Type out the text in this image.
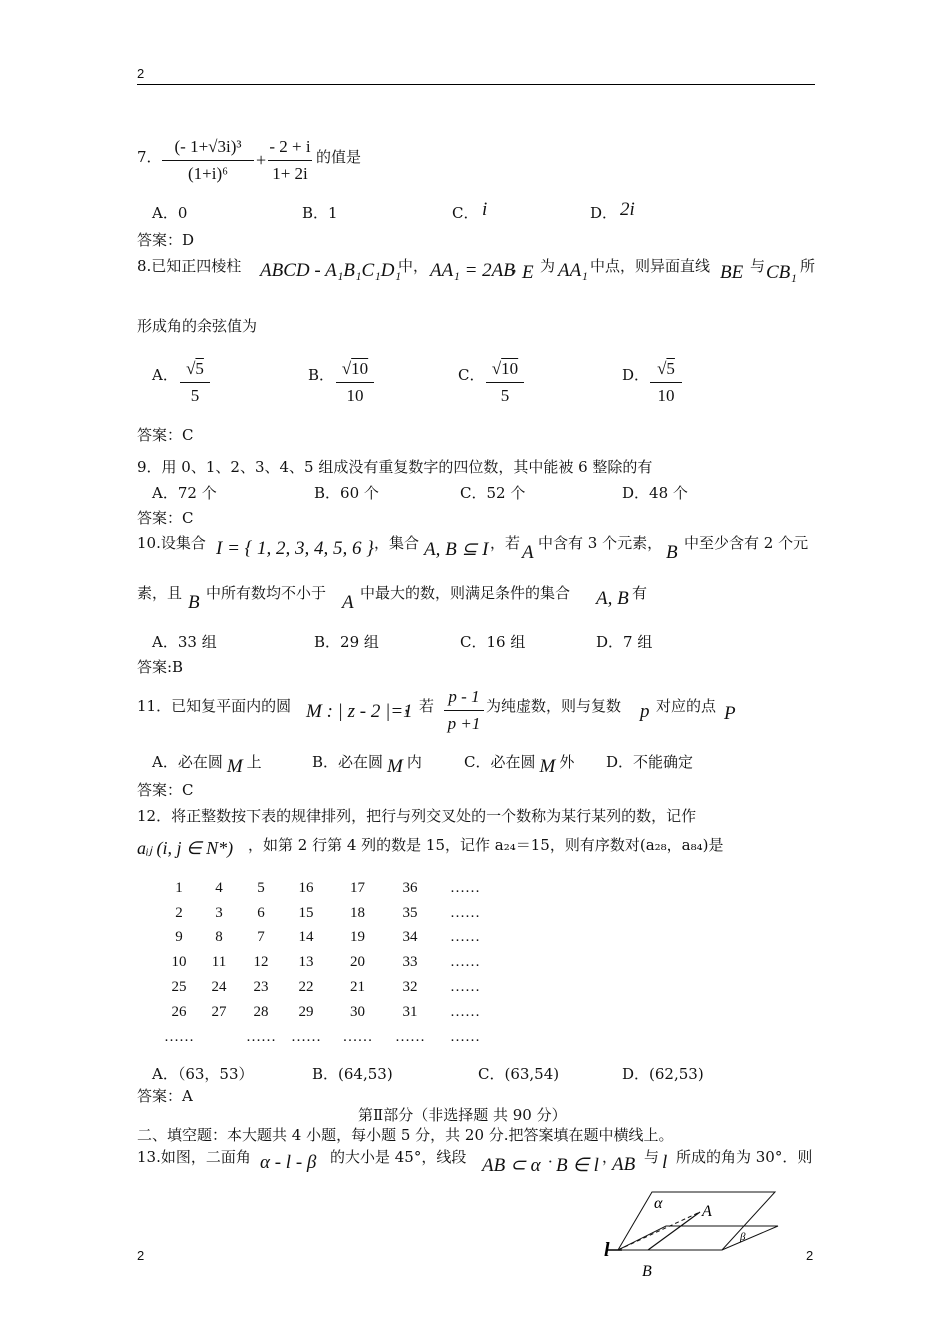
2
7．
(- 1+√3i)³
(1+i)⁶
+
- 2 + i
1+ 2i
的值是
A．0	B．1	C． i	D． 2i
答案：D
8.已知正四棱柱 ABCD - A₁B₁C₁D₁
中， AA₁ = 2AB
，
E 为 AA₁ 中点，则异面直线 BE 与 CB₁ 所
形成角的余弦值为
A． √5
5
B． √10
10
C． √10
5
D． √5
10
答案：C
9．用 0、1、2、3、4、5 组成没有重复数字的四位数，其中能被 6 整除的有
A．72 个	B．60 个	C．52 个	D．48 个
答案：C
10.设集合 I = { 1, 2, 3, 4, 5, 6 } ，集合 A, B ⊆ I ，若 A 中含有 3 个元素， B 中至少含有 2 个元
素，且 B 中所有数均不小于 A 中最大的数，则满足条件的集合 A, B 有
A．33 组	B．29 组	C．16 组	D．7 组
答案:B
11．已知复平面内的圆 M : | z - 2 |=1
，若 p - 1
p +1
为纯虚数，则与复数 p 对应的点 P
A．必在圆 M 上	B．必在圆 M 内	C．必在圆 M 外 D．不能确定
答案：C
12．将正整数按下表的规律排列，把行与列交叉处的一个数称为某行某列的数，记作
aᵢⱼ (i, j ∈ N*) ，如第 2 行第 4 列的数是 15，记作 a₂₄＝15，则有序数对(a₂₈，a₈₄)是
1	4	5	16	17	36	……
2	3	6	15	18	35	……
9	8	7	14	19	34	……
10	11	12	13	20	33	……
25	24	23	22	21	32	……
26	27	28	29	30	31	……
……		……	……	……	……	……
A．（63，53）	B．(64,53)	C．(63,54)	D．(62,53)
答案：A
第Ⅱ部分（非选择题 共 90 分）
二、填空题：本大题共 4 小题，每小题 5 分，共 20 分.把答案填在题中横线上。
13.如图，二面角 α - l - β 的大小是 45°，线段 AB ⊂ α ．
B ∈ l ，
AB 与 l 所成的角为 30°．则
α A
β
B
l
2	2
